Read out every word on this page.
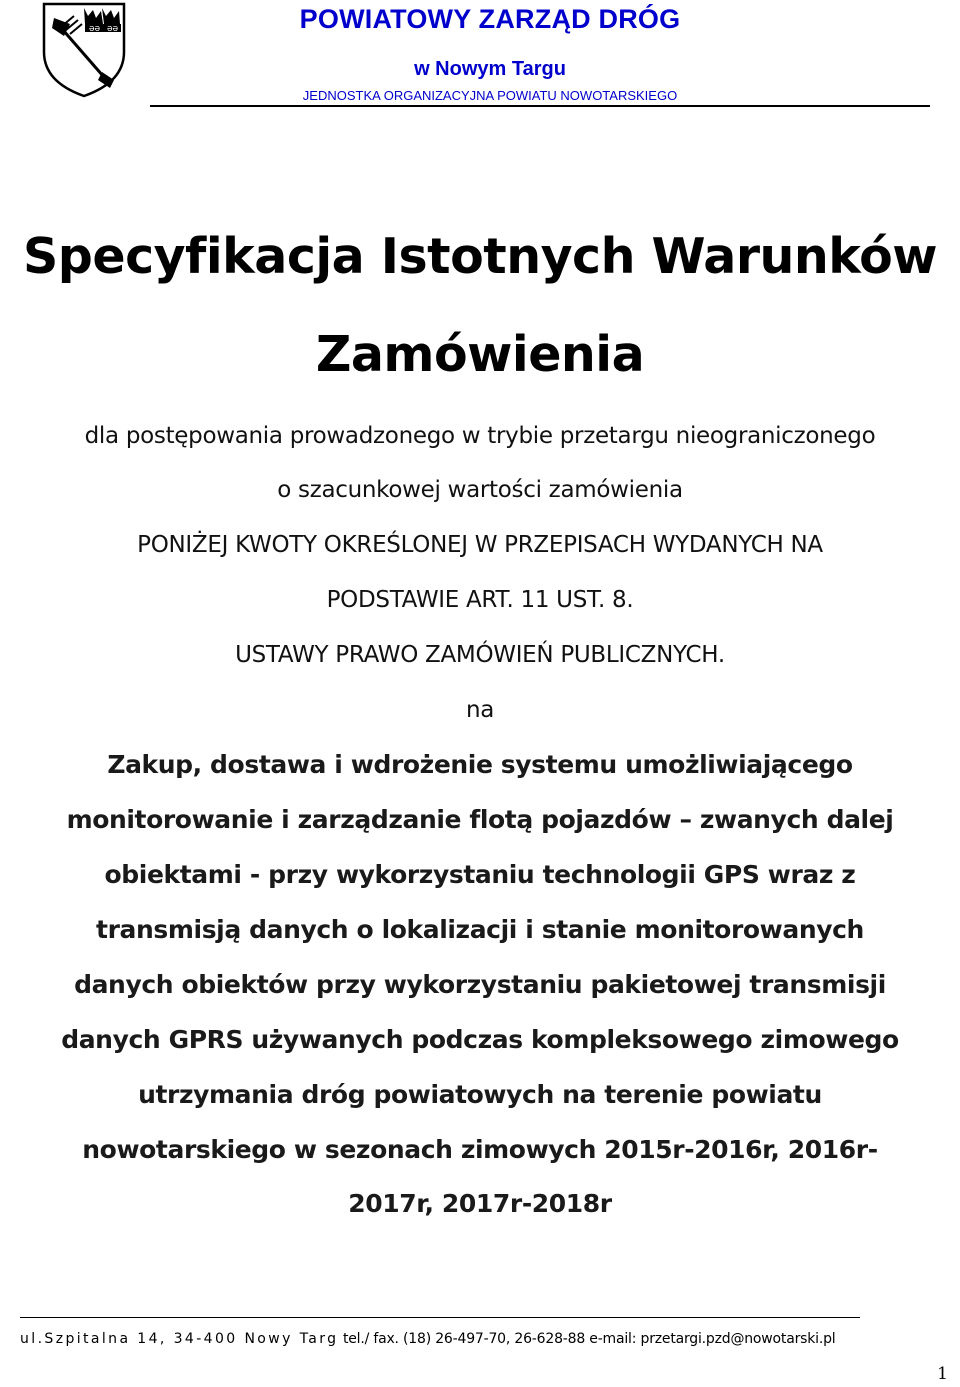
ƏƏ ƏƏ	POWIATOWY ZARZĄD DRÓG
w Nowym Targu
JEDNOSTKA ORGANIZACYJNA POWIATU NOWOTARSKIEGO
Specyfikacja Istotnych Warunków
Zamówienia
dla postępowania prowadzonego w trybie przetargu nieograniczonego
o szacunkowej wartości zamówienia
PONIŻEJ KWOTY OKREŚLONEJ W PRZEPISACH WYDANYCH NA
PODSTAWIE ART. 11 UST. 8.
USTAWY PRAWO ZAMÓWIEŃ PUBLICZNYCH.
na
Zakup, dostawa i wdrożenie systemu umożliwiającego
monitorowanie i zarządzanie flotą pojazdów – zwanych dalej
obiektami - przy wykorzystaniu technologii GPS wraz z
transmisją danych o lokalizacji i stanie monitorowanych
danych obiektów przy wykorzystaniu pakietowej transmisji
danych GPRS używanych podczas kompleksowego zimowego
utrzymania dróg powiatowych na terenie powiatu
nowotarskiego w sezonach zimowych 2015r-2016r, 2016r-
2017r, 2017r-2018r
ul.Szpitalna 14, 34-400 Nowy Targ tel./ fax. (18) 26-497-70, 26-628-88 e-mail: przetargi.pzd@nowotarski.pl
1
